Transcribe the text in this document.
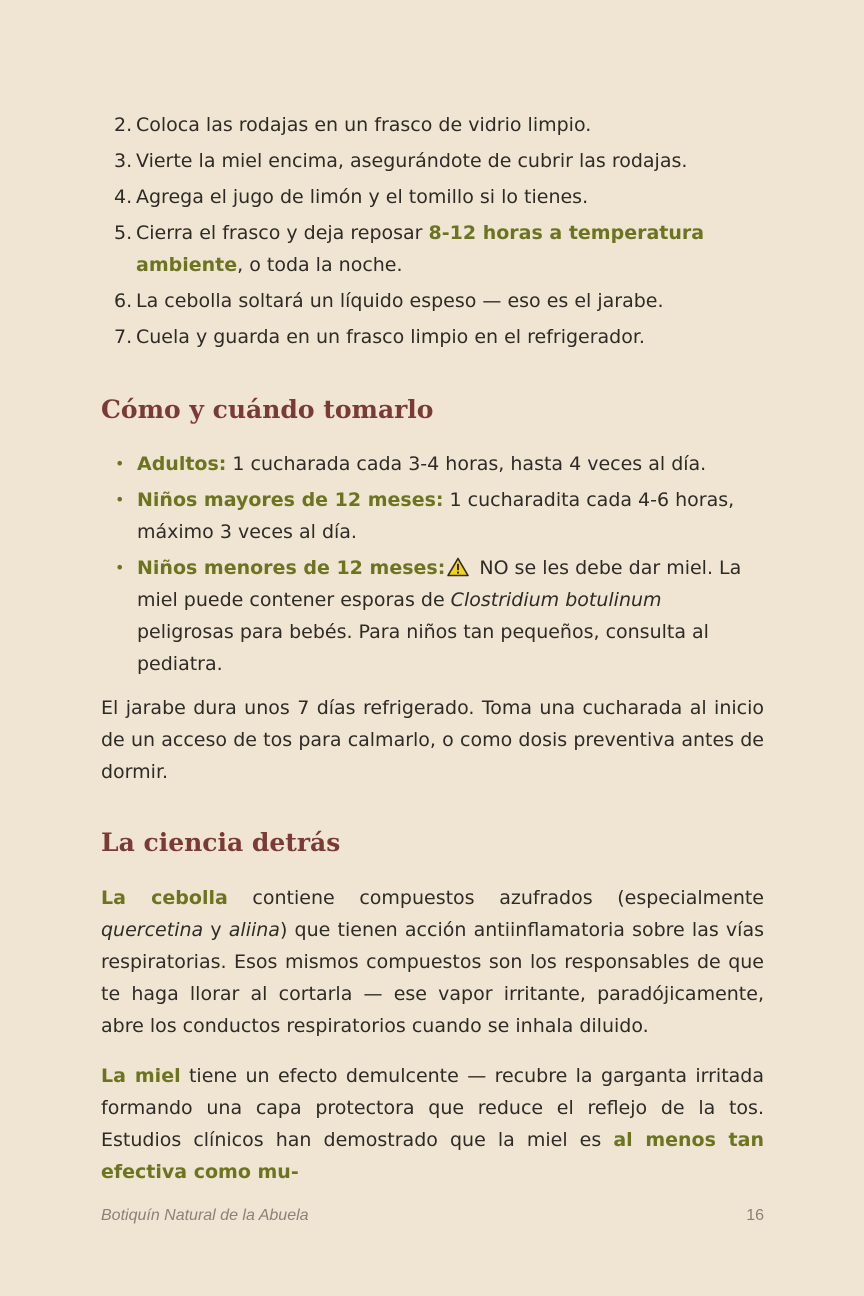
2. Coloca las rodajas en un frasco de vidrio limpio.
3. Vierte la miel encima, asegurándote de cubrir las rodajas.
4. Agrega el jugo de limón y el tomillo si lo tienes.
5. Cierra el frasco y deja reposar 8-12 horas a temperatura ambiente, o toda la noche.
6. La cebolla soltará un líquido espeso — eso es el jarabe.
7. Cuela y guarda en un frasco limpio en el refrigerador.
Cómo y cuándo tomarlo
• Adultos: 1 cucharada cada 3-4 horas, hasta 4 veces al día.
• Niños mayores de 12 meses: 1 cucharadita cada 4-6 horas, máximo 3 veces al día.
• Niños menores de 12 meses: NO se les debe dar miel. La miel puede contener esporas de Clostridium botulinum peligrosas para bebés. Para niños tan pequeños, consulta al pediatra.

El jarabe dura unos 7 días refrigerado. Toma una cucharada al inicio de un acceso de tos para calmarlo, o como dosis preventiva antes de dormir.

La ciencia detrás

La cebolla contiene compuestos azufrados (especialmente quercetina y aliina) que tienen acción antiinflamatoria sobre las vías respiratorias. Esos mismos compuestos son los responsables de que te haga llorar al cortarla — ese vapor irritante, paradójicamente, abre los conductos respiratorios cuando se inhala diluido.

La miel tiene un efecto demulcente — recubre la garganta irritada formando una capa protectora que reduce el reflejo de la tos. Estudios clínicos han demostrado que la miel es al menos tan efectiva como mu-

Botiquín Natural de la Abuela	16
